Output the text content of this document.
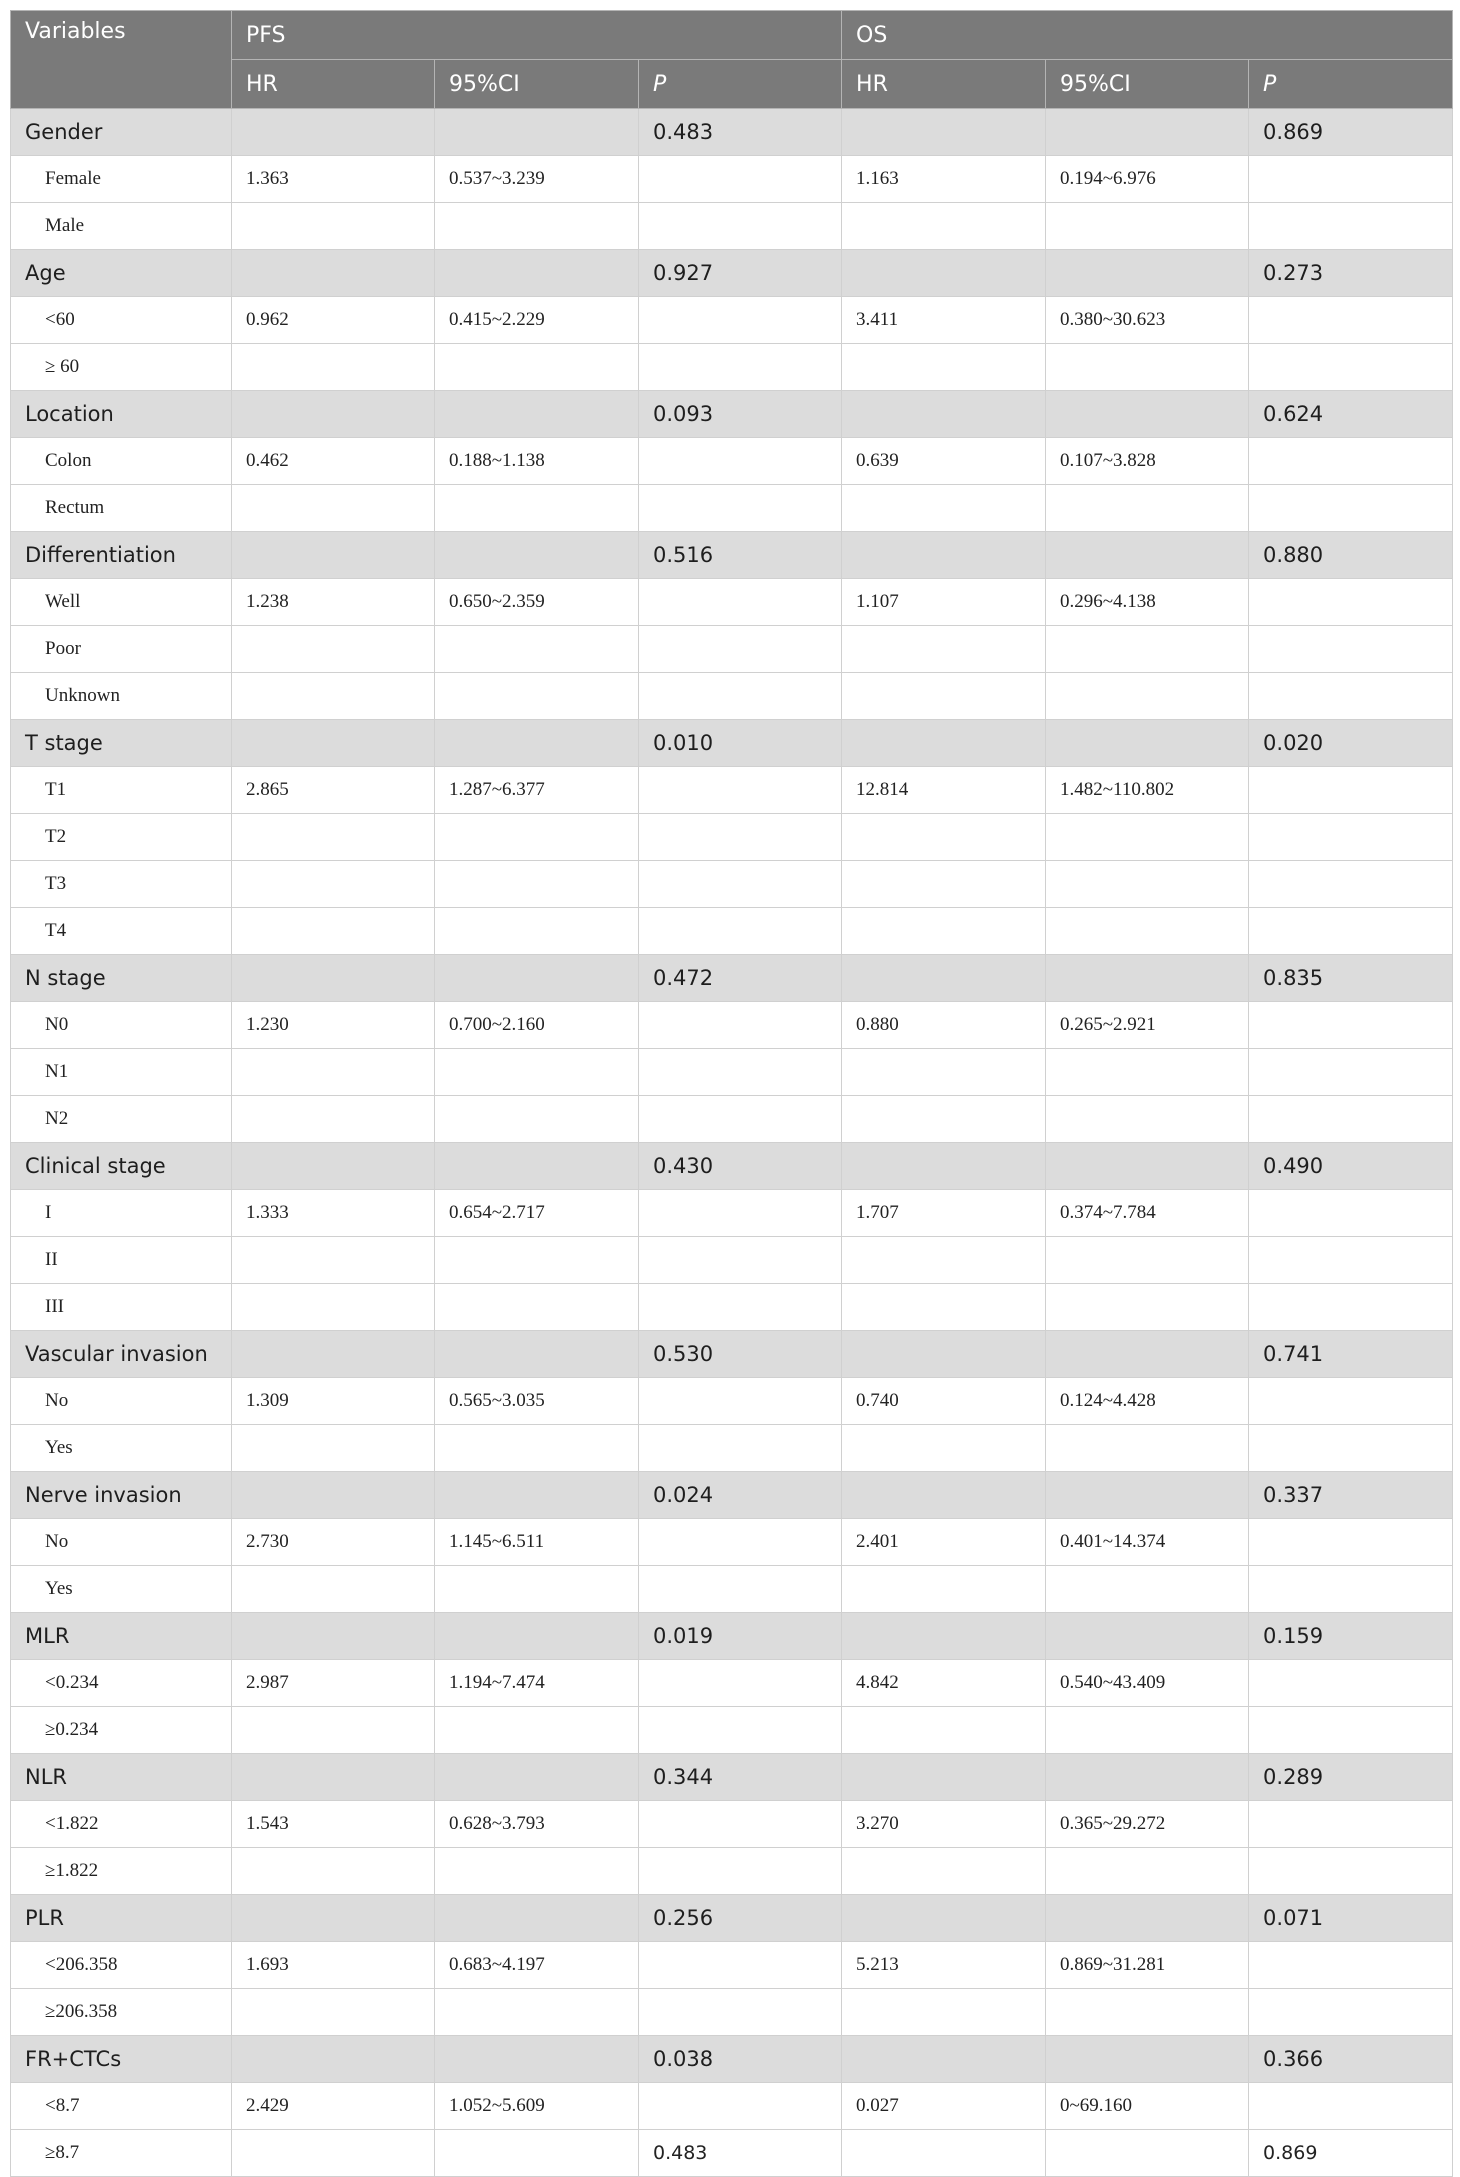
Variables	PFS			OS		
	HR	95%CI	P	HR	95%CI	P
Gender			0.483			0.869
Female	1.363	0.537~3.239		1.163	0.194~6.976	
Male						
Age			0.927			0.273
<60	0.962	0.415~2.229		3.411	0.380~30.623	
≥ 60						
Location			0.093			0.624
Colon	0.462	0.188~1.138		0.639	0.107~3.828	
Rectum						
Differentiation			0.516			0.880
Well	1.238	0.650~2.359		1.107	0.296~4.138	
Poor						
Unknown						
T stage			0.010			0.020
T1	2.865	1.287~6.377		12.814	1.482~110.802	
T2						
T3						
T4						
N stage			0.472			0.835
N0	1.230	0.700~2.160		0.880	0.265~2.921	
N1						
N2						
Clinical stage			0.430			0.490
I	1.333	0.654~2.717		1.707	0.374~7.784	
II						
III						
Vascular invasion			0.530			0.741
No	1.309	0.565~3.035		0.740	0.124~4.428	
Yes						
Nerve invasion			0.024			0.337
No	2.730	1.145~6.511		2.401	0.401~14.374	
Yes						
MLR			0.019			0.159
<0.234	2.987	1.194~7.474		4.842	0.540~43.409	
≥0.234						
NLR			0.344			0.289
<1.822	1.543	0.628~3.793		3.270	0.365~29.272	
≥1.822						
PLR			0.256			0.071
<206.358	1.693	0.683~4.197		5.213	0.869~31.281	
≥206.358						
FR+CTCs			0.038			0.366
<8.7	2.429	1.052~5.609		0.027	0~69.160	
≥8.7			0.483			0.869
